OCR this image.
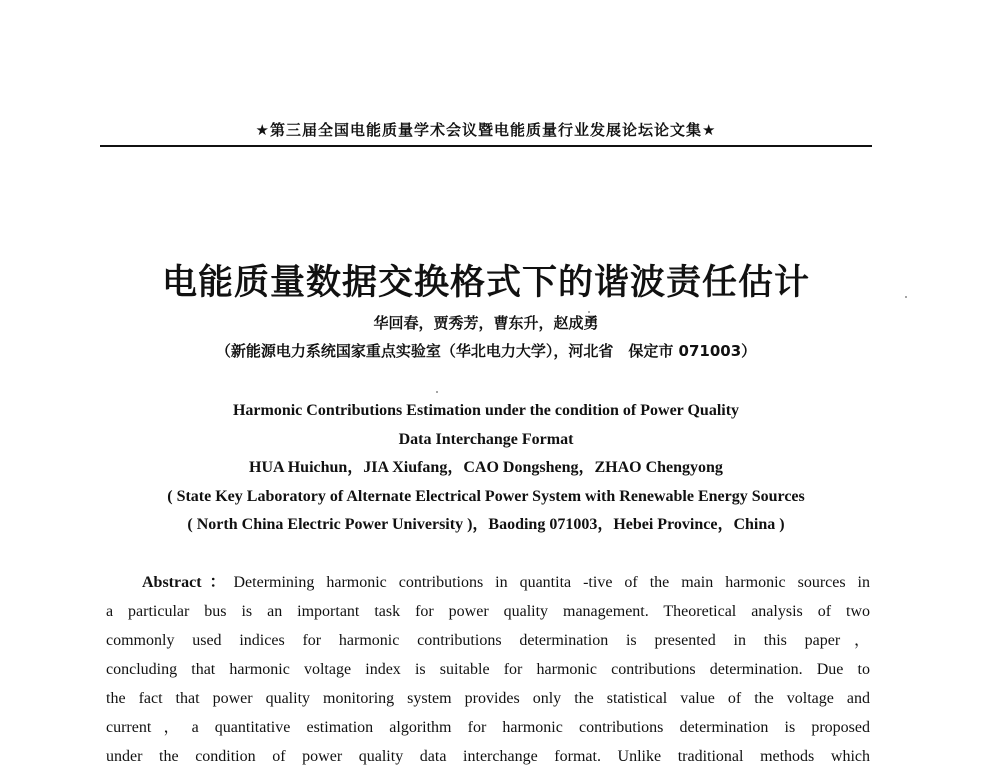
★第三届全国电能质量学术会议暨电能质量行业发展论坛论文集★
电能质量数据交换格式下的谐波责任估计
华回春，贾秀芳，曹东升，赵成勇
（新能源电力系统国家重点实验室（华北电力大学），河北省　保定市 071003）
Harmonic Contributions Estimation under the condition of Power Quality
Data Interchange Format
HUA Huichun，JIA Xiufang，CAO Dongsheng，ZHAO Chengyong
( State Key Laboratory of Alternate Electrical Power System with Renewable Energy Sources
( North China Electric Power University )，Baoding 071003，Hebei Province，China )
Abstract：Determining harmonic contributions in quantita -tive of the main harmonic sources in
a particular bus is an important task for power quality management. Theoretical analysis of two
commonly used indices for harmonic contributions determination is presented in this paper，
concluding that harmonic voltage index is suitable for harmonic contributions determination. Due to
the fact that power quality monitoring system provides only the statistical value of the voltage and
current，a quantitative estimation algorithm for harmonic contributions determination is proposed
under the condition of power quality data interchange format. Unlike traditional methods which
